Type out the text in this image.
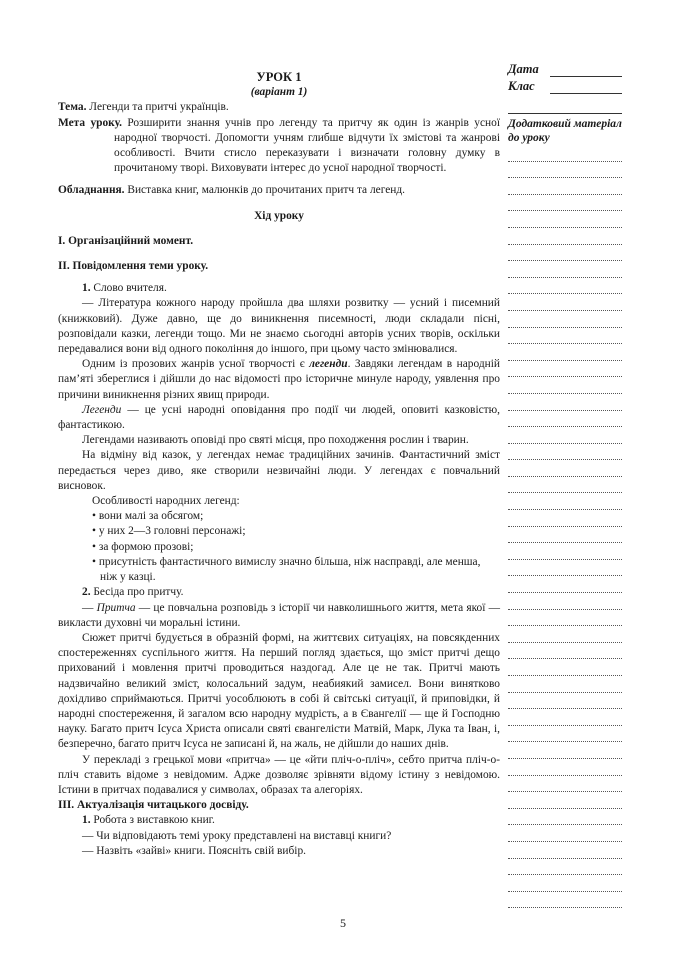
УРОК 1

(варіант 1)

Тема. Легенди та притчі українців.

Мета уроку. Розширити знання учнів про легенду та притчу як один із жанрів усної народної творчості. Допомогти учням глибше відчути їх змістові та жанрові особливості. Вчити стисло переказувати і визначати головну думку в прочитаному творі. Виховувати інтерес до усної народної творчості.

Обладнання. Виставка книг, малюнків до прочитаних притч та легенд.

Хід уроку

I. Організаційний момент.

II. Повідомлення теми уроку.

1. Слово вчителя.

— Література кожного народу пройшла два шляхи розвитку — усний і писемний (книжковий). Дуже давно, ще до виникнення писемності, люди складали пісні, розповідали казки, легенди тощо. Ми не знаємо сьогодні авторів усних творів, оскільки передавалися вони від одного покоління до іншого, при цьому часто змінювалися.

Одним із прозових жанрів усної творчості є легенди. Завдяки легендам в народній пам’яті збереглися і дійшли до нас відомості про історичне минуле народу, уявлення про причини виникнення різних явищ природи.

Легенди — це усні народні оповідання про події чи людей, оповиті казковістю, фантастикою.

Легендами називають оповіді про святі місця, про походження рослин і тварин.

На відміну від казок, у легендах немає традиційних зачинів. Фантастичний зміст передається через диво, яке створили незвичайні люди. У легендах є повчальний висновок.

Особливості народних легенд:

• вони малі за обсягом;

• у них 2—3 головні персонажі;

• за формою прозові;

• присутність фантастичного вимислу значно більша, ніж насправді, але менша, ніж у казці.

2. Бесіда про притчу.

— Притча — це повчальна розповідь з історії чи навколишнього життя, мета якої — викласти духовні чи моральні істини.

Сюжет притчі будується в образній формі, на життєвих ситуаціях, на повсякденних спостереженнях суспільного життя. На перший погляд здається, що зміст притчі дещо прихований і мовлення притчі проводиться наздогад. Але це не так. Притчі мають надзвичайно великий зміст, колосальний задум, неабиякий замисел. Вони винятково дохідливо сприймаються. Притчі уособлюють в собі й світські ситуації, й приповідки, й народні спостереження, й загалом всю народну мудрість, а в Євангелії — ще й Господню науку. Багато притч Ісуса Христа описали святі євангелісти Матвій, Марк, Лука та Іван, і, безперечно, багато притч Ісуса не записані й, на жаль, не дійшли до наших днів.

У перекладі з грецької мови «притча» — це «йти пліч-о-пліч», себто притча пліч-о-пліч ставить відоме з невідомим. Адже дозволяє зрівняти відому істину з невідомою. Істини в притчах подавалися у символах, образах та алегоріях.

III. Актуалізація читацького досвіду.

1. Робота з виставкою книг.

— Чи відповідають темі уроку представлені на виставці книги?

— Назвіть «зайві» книги. Поясніть свій вибір.

Дата
Клас
Додатковий матеріал до уроку
5
